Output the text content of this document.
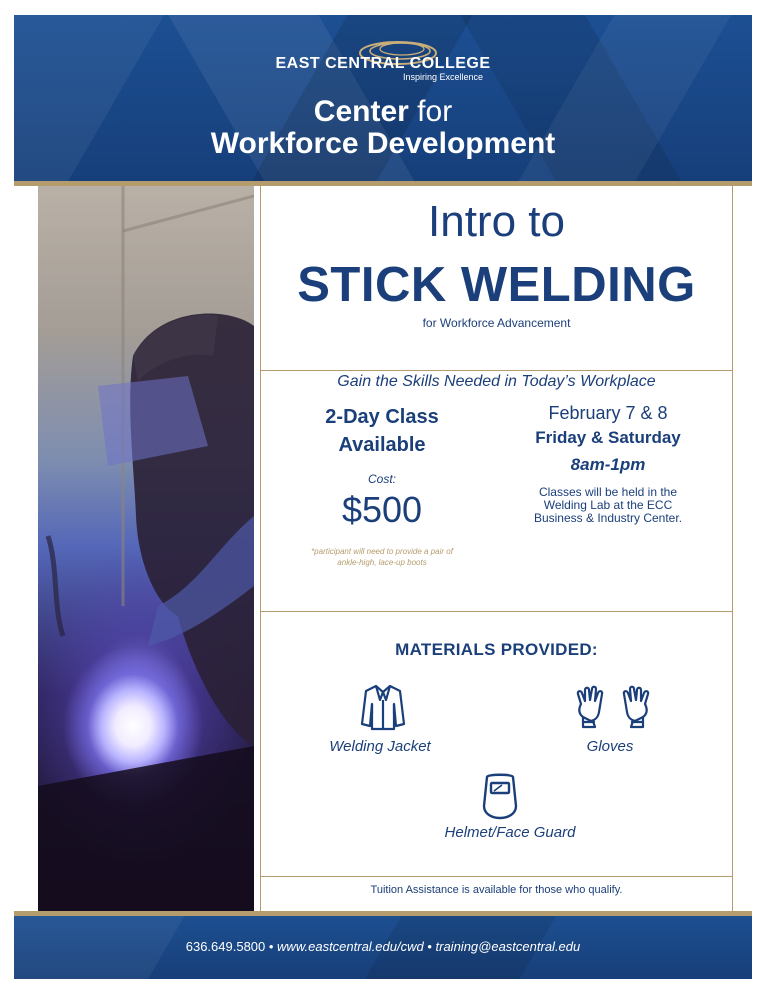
EAST CENTRAL COLLEGE
Inspiring Excellence
Center for
Workforce Development
Intro to
STICK WELDING
for Workforce Advancement
Gain the Skills Needed in Today’s Workplace
2-Day Class
Available
Cost:
$500
*participant will need to provide a pair of
ankle-high, lace-up boots
February 7 & 8
Friday & Saturday
8am-1pm
Classes will be held in the
Welding Lab at the ECC
Business & Industry Center.
MATERIALS PROVIDED:
Welding Jacket	Gloves
Helmet/Face Guard
Tuition Assistance is available for those who qualify.
636.649.5800 • www.eastcentral.edu/cwd • training@eastcentral.edu
